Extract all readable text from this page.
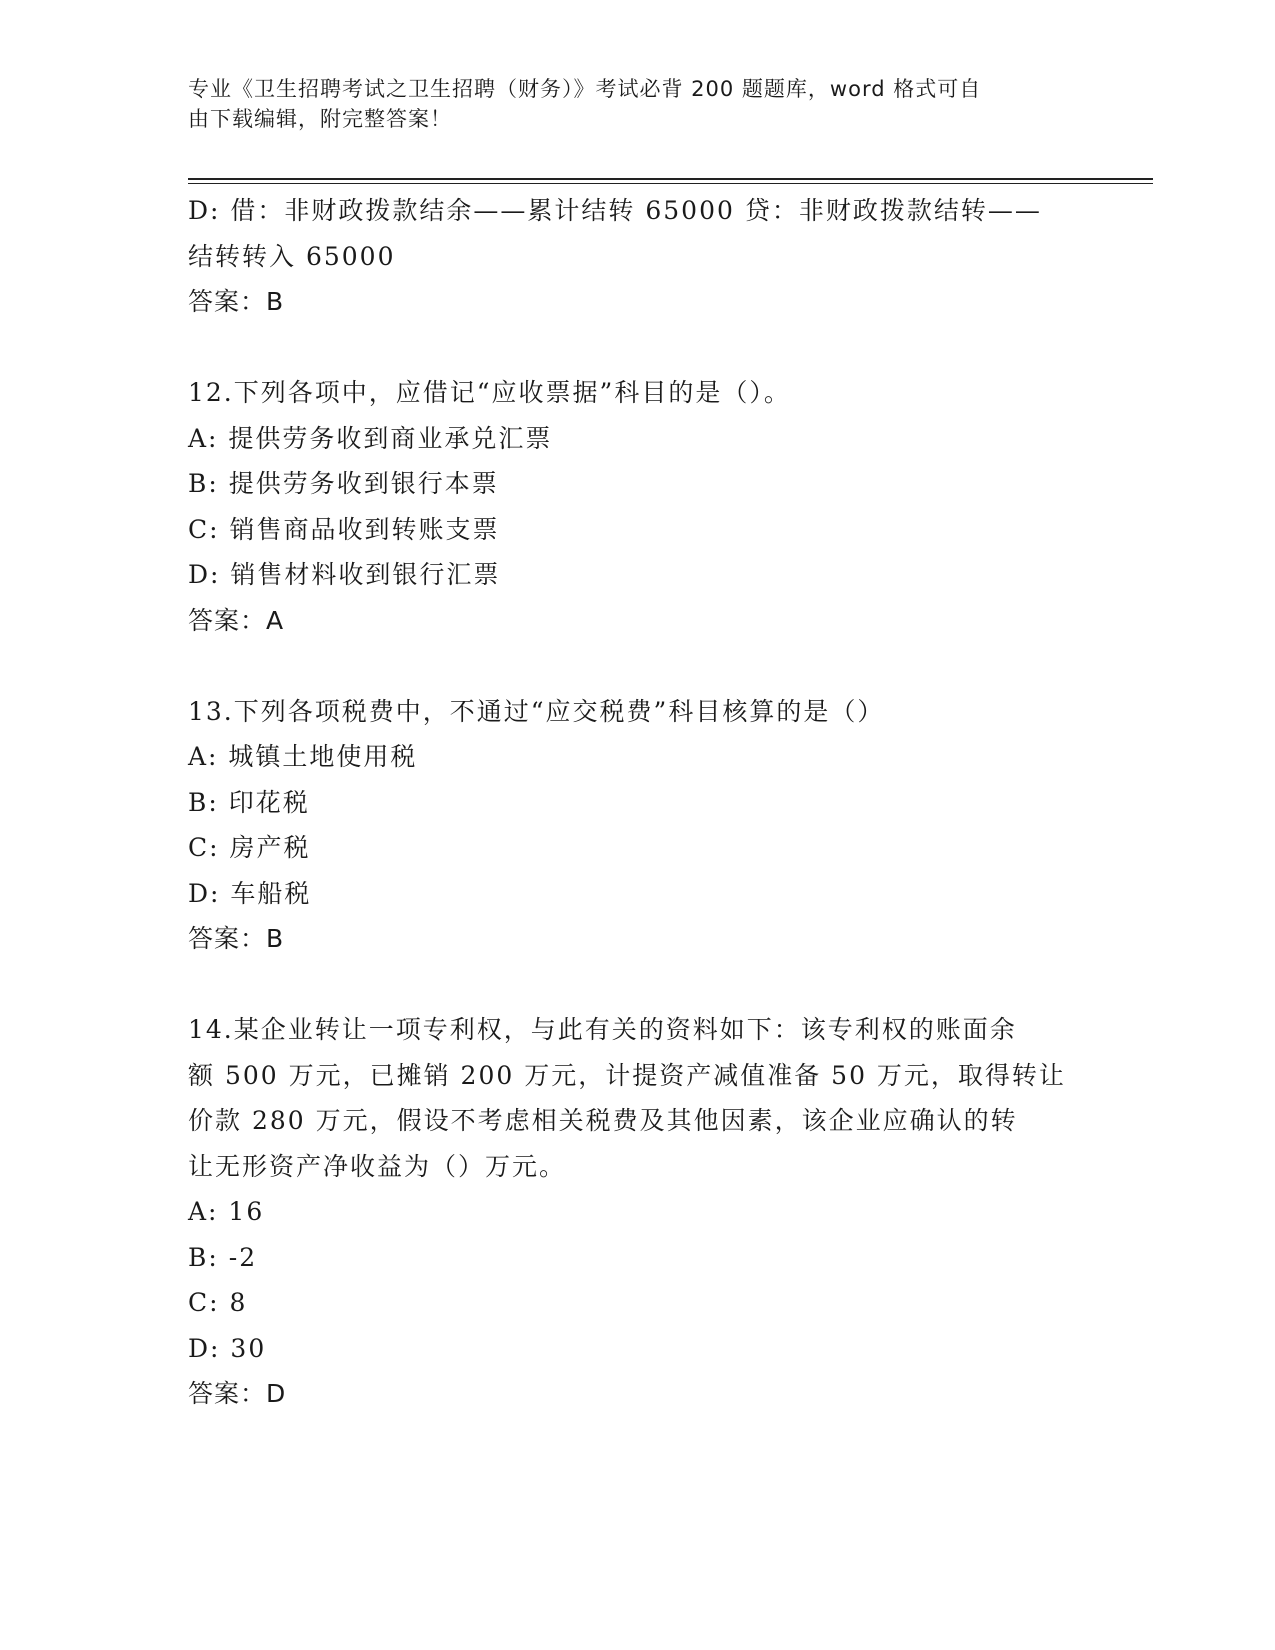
专业《卫生招聘考试之卫生招聘（财务）》考试必背 200 题题库，word 格式可自
由下载编辑，附完整答案！
D: 借：非财政拨款结余——累计结转 65000 贷：非财政拨款结转——
结转转入 65000
答案：B
12.下列各项中，应借记“应收票据”科目的是（）。
A: 提供劳务收到商业承兑汇票
B: 提供劳务收到银行本票
C: 销售商品收到转账支票
D: 销售材料收到银行汇票
答案：A
13.下列各项税费中，不通过“应交税费”科目核算的是（）
A: 城镇土地使用税
B: 印花税
C: 房产税
D: 车船税
答案：B
14.某企业转让一项专利权，与此有关的资料如下：该专利权的账面余
额 500 万元，已摊销 200 万元，计提资产减值准备 50 万元，取得转让
价款 280 万元，假设不考虑相关税费及其他因素，该企业应确认的转
让无形资产净收益为（）万元。
A: 16
B: -2
C: 8
D: 30
答案：D
